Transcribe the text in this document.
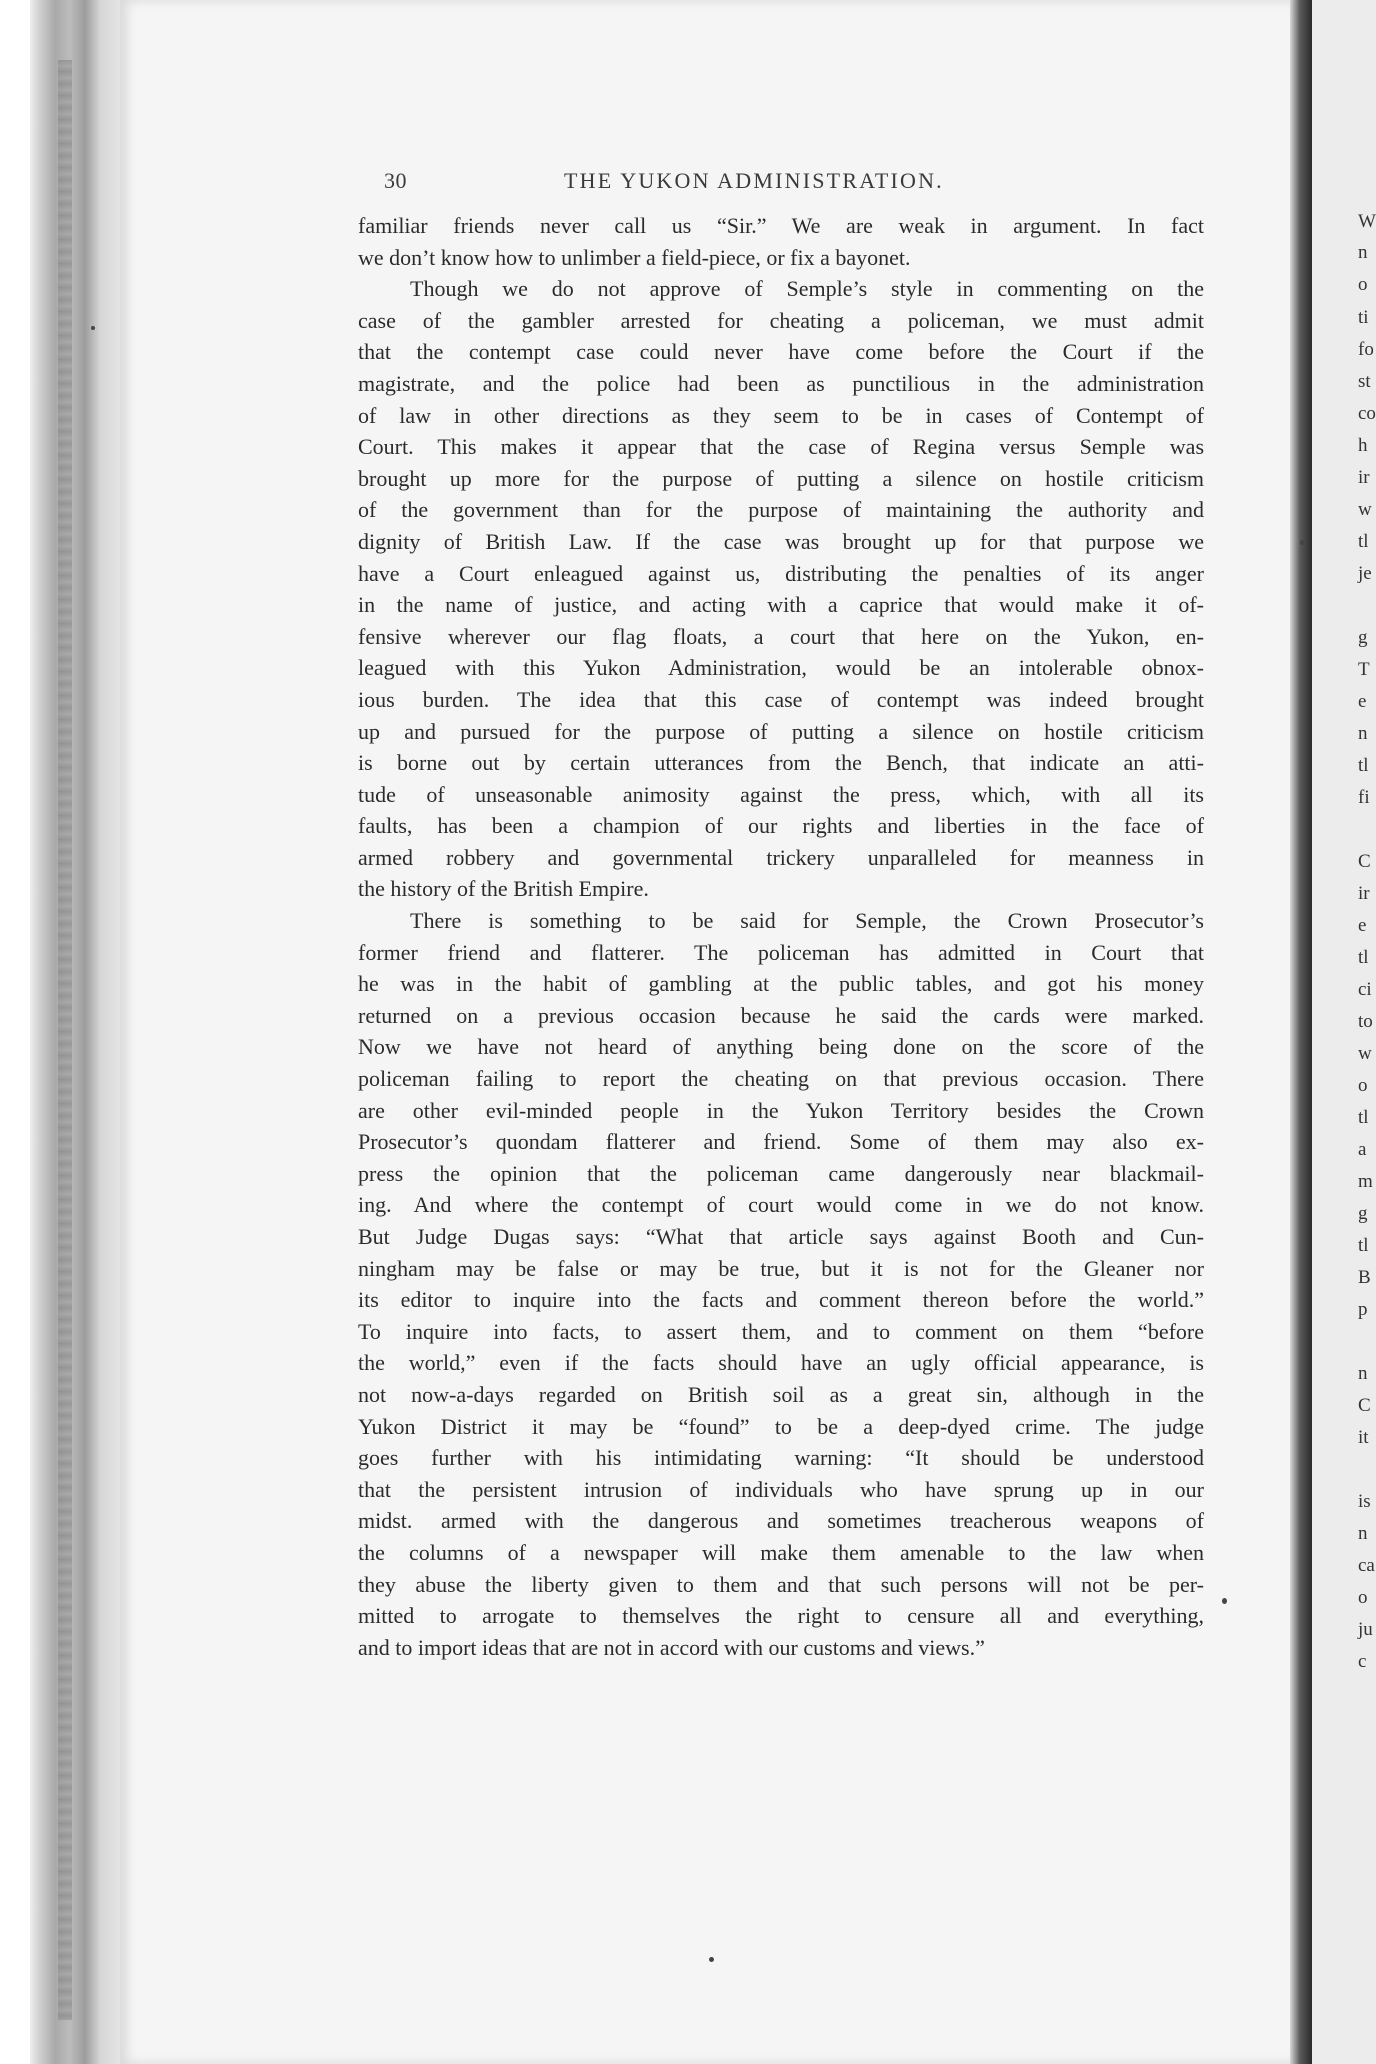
W
n
o
ti
fo
st
co
h
ir
w
tl
je
g
T
e
n
tl
fi
C
ir
e
tl
ci
to
w
o
tl
a
m
g
tl
B
p
n
C
it
is
n
ca
o
ju
c
30	THE YUKON ADMINISTRATION.
familiar friends never call us “Sir.” We are weak in argument. In fact
we don’t know how to unlimber a field-piece, or fix a bayonet.
Though we do not approve of Semple’s style in commenting on the
case of the gambler arrested for cheating a policeman, we must admit
that the contempt case could never have come before the Court if the
magistrate, and the police had been as punctilious in the administration
of law in other directions as they seem to be in cases of Contempt of
Court. This makes it appear that the case of Regina versus Semple was
brought up more for the purpose of putting a silence on hostile criticism
of the government than for the purpose of maintaining the authority and
dignity of British Law. If the case was brought up for that purpose we
have a Court enleagued against us, distributing the penalties of its anger
in the name of justice, and acting with a caprice that would make it of-
fensive wherever our flag floats, a court that here on the Yukon, en-
leagued with this Yukon Administration, would be an intolerable obnox-
ious burden. The idea that this case of contempt was indeed brought
up and pursued for the purpose of putting a silence on hostile criticism
is borne out by certain utterances from the Bench, that indicate an atti-
tude of unseasonable animosity against the press, which, with all its
faults, has been a champion of our rights and liberties in the face of
armed robbery and governmental trickery unparalleled for meanness in
the history of the British Empire.
There is something to be said for Semple, the Crown Prosecutor’s
former friend and flatterer. The policeman has admitted in Court that
he was in the habit of gambling at the public tables, and got his money
returned on a previous occasion because he said the cards were marked.
Now we have not heard of anything being done on the score of the
policeman failing to report the cheating on that previous occasion. There
are other evil-minded people in the Yukon Territory besides the Crown
Prosecutor’s quondam flatterer and friend. Some of them may also ex-
press the opinion that the policeman came dangerously near blackmail-
ing. And where the contempt of court would come in we do not know.
But Judge Dugas says: “What that article says against Booth and Cun-
ningham may be false or may be true, but it is not for the Gleaner nor
its editor to inquire into the facts and comment thereon before the world.”
To inquire into facts, to assert them, and to comment on them “before
the world,” even if the facts should have an ugly official appearance, is
not now-a-days regarded on British soil as a great sin, although in the
Yukon District it may be “found” to be a deep-dyed crime. The judge
goes further with his intimidating warning: “It should be understood
that the persistent intrusion of individuals who have sprung up in our
midst. armed with the dangerous and sometimes treacherous weapons of
the columns of a newspaper will make them amenable to the law when
they abuse the liberty given to them and that such persons will not be per-
mitted to arrogate to themselves the right to censure all and everything,
and to import ideas that are not in accord with our customs and views.”
